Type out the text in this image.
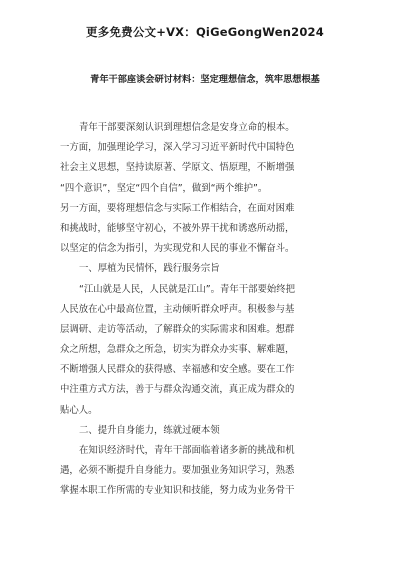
更多免费公文+VX：QiGeGongWen2024
青年干部座谈会研讨材料：坚定理想信念，筑牢思想根基
青年干部要深刻认识到理想信念是安身立命的根本。
一方面，加强理论学习，深入学习习近平新时代中国特色
社会主义思想，坚持读原著、学原文、悟原理，不断增强
“四个意识”，坚定“四个自信”，做到“两个维护”。
另一方面，要将理想信念与实际工作相结合，在面对困难
和挑战时，能够坚守初心，不被外界干扰和诱惑所动摇，
以坚定的信念为指引，为实现党和人民的事业不懈奋斗。
一、厚植为民情怀，践行服务宗旨
“江山就是人民，人民就是江山”。青年干部要始终把
人民放在心中最高位置，主动倾听群众呼声。积极参与基
层调研、走访等活动，了解群众的实际需求和困难。想群
众之所想，急群众之所急，切实为群众办实事、解难题，
不断增强人民群众的获得感、幸福感和安全感。要在工作
中注重方式方法，善于与群众沟通交流，真正成为群众的
贴心人。
二、提升自身能力，练就过硬本领
在知识经济时代，青年干部面临着诸多新的挑战和机
遇，必须不断提升自身能力。要加强业务知识学习，熟悉
掌握本职工作所需的专业知识和技能，努力成为业务骨干
